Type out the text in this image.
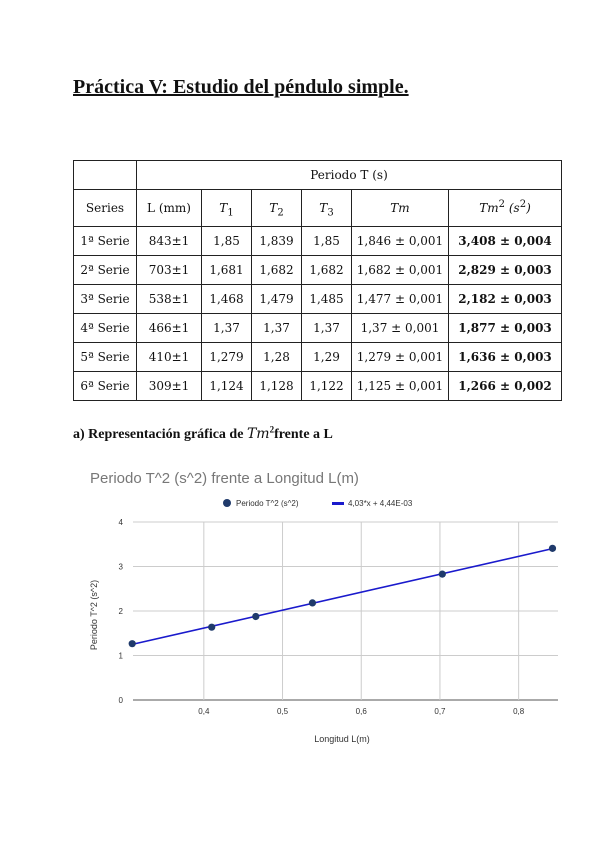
Práctica V: Estudio del péndulo simple.
	Periodo T (s)					
Series	L (mm)	$T_1$	$T_2$	$T_3$	Tm	Tm$^2$ $(s^2)$
1ª Serie	843±1	1,85	1,839	1,85	1,846 ± 0,001	3,408 ± 0,004
2ª Serie	703±1	1,681	1,682	1,682	1,682 ± 0,001	2,829 ± 0,003
3ª Serie	538±1	1,468	1,479	1,485	1,477 ± 0,001	2,182 ± 0,003
4ª Serie	466±1	1,37	1,37	1,37	1,37 ± 0,001	1,877 ± 0,003
5ª Serie	410±1	1,279	1,28	1,29	1,279 ± 0,001	1,636 ± 0,003
6ª Serie	309±1	1,124	1,128	1,122	1,125 ± 0,001	1,266 ± 0,002

a) Representación gráfica de Tm$^2$frente a L

Periodo T^2 (s^2) frente a Longitud L(m)
Periodo T^2 (s^2)	4,03*x + 4,44E-03
0
1
2
3
4
0,4	0,5	0,6	0,7	0,8
Longitud L(m)
Periodo T^2 (s^2)
